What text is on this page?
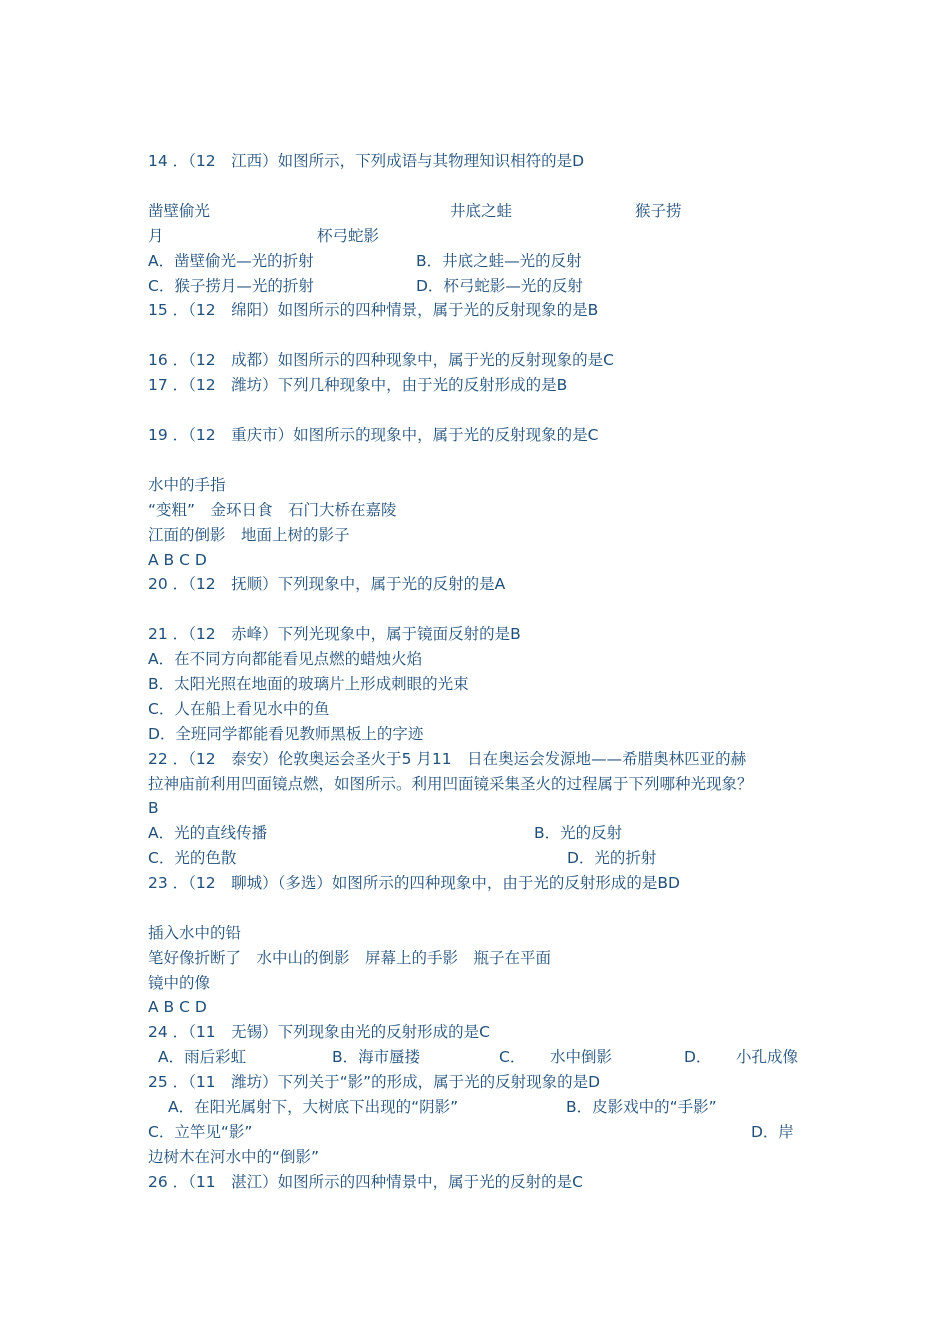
14 ．（12　江西）如图所示，下列成语与其物理知识相符的是D
凿壁偷光	井底之蛙	猴子捞
月	杯弓蛇影
A．凿壁偷光—光的折射	B．井底之蛙—光的反射
C．猴子捞月—光的折射	D．杯弓蛇影—光的反射
15 ．（12　绵阳）如图所示的四种情景，属于光的反射现象的是B
16 ．（12　成都）如图所示的四种现象中，属于光的反射现象的是C
17 ．（12　潍坊）下列几种现象中，由于光的反射形成的是B
19 ．（12　重庆市）如图所示的现象中，属于光的反射现象的是C
水中的手指
“变粗”　金环日食　石门大桥在嘉陵
江面的倒影　地面上树的影子
A B C D
20 ．（12　抚顺）下列现象中，属于光的反射的是A
21 ．（12　赤峰）下列光现象中，属于镜面反射的是B
A．在不同方向都能看见点燃的蜡烛火焰
B．太阳光照在地面的玻璃片上形成刺眼的光束
C．人在船上看见水中的鱼
D．全班同学都能看见教师黑板上的字迹
22 ．（12　泰安）伦敦奥运会圣火于5 月11　日在奥运会发源地——希腊奥林匹亚的赫
拉神庙前利用凹面镜点燃，如图所示。利用凹面镜采集圣火的过程属于下列哪种光现象？
B
A．光的直线传播	B．光的反射
C．光的色散	D．光的折射
23 ．（12　聊城）（多选）如图所示的四种现象中，由于光的反射形成的是BD
插入水中的铅
笔好像折断了　水中山的倒影　屏幕上的手影　瓶子在平面
镜中的像
A B C D
24 ．（11　无锡）下列现象由光的反射形成的是C
A．雨后彩虹	B．海市蜃搂	C． 水中倒影	D． 小孔成像
25 ．（11　潍坊）下列关于“影”的形成，属于光的反射现象的是D
A．在阳光属射下，大树底下出现的“阴影”	B．皮影戏中的“手影”
C．立竿见“影”	D．岸
边树木在河水中的“倒影”
26 ．（11　湛江）如图所示的四种情景中，属于光的反射的是C
